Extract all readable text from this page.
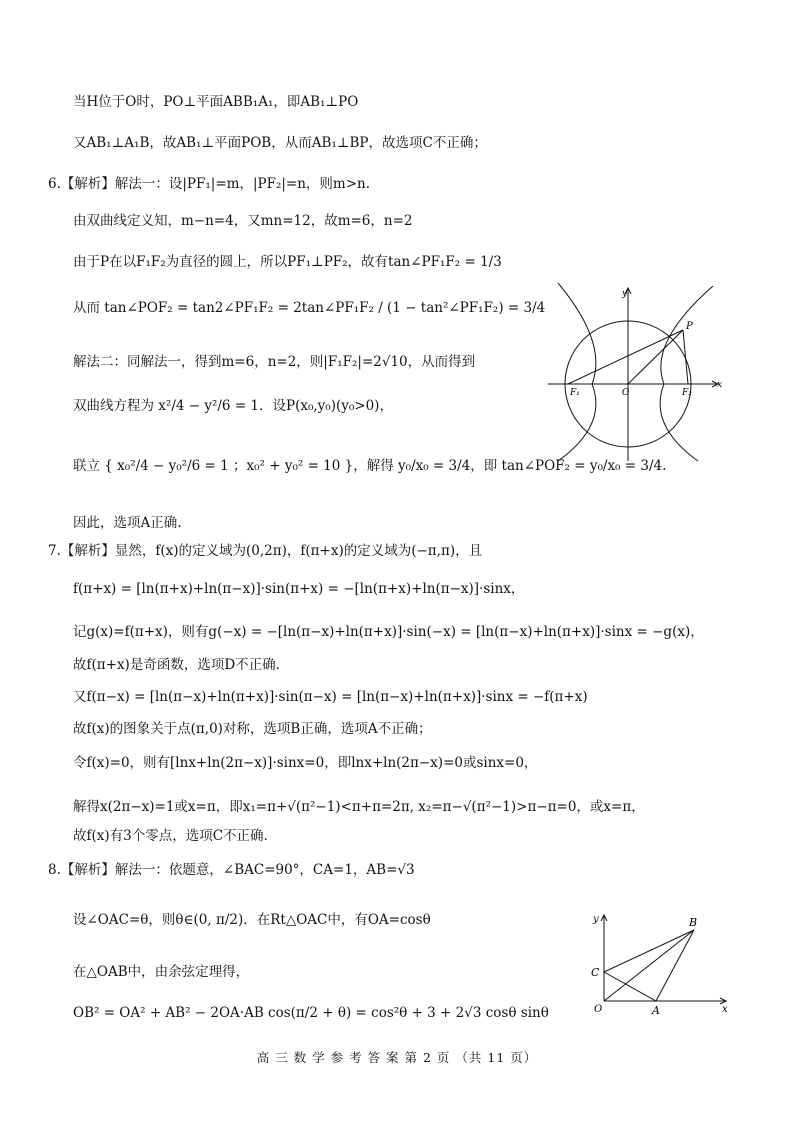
当H位于O时，PO⊥平面ABB₁A₁，即AB₁⊥PO
又AB₁⊥A₁B，故AB₁⊥平面POB，从而AB₁⊥BP，故选项C不正确；
6.【解析】解法一：设|PF₁|=m，|PF₂|=n，则m>n.
由双曲线定义知，m−n=4，又mn=12，故m=6，n=2
由于P在以F₁F₂为直径的圆上，所以PF₁⊥PF₂，故有tan∠PF₁F₂ = 1/3
从而 tan∠POF₂ = tan2∠PF₁F₂ = 2tan∠PF₁F₂ / (1 − tan²∠PF₁F₂) = 3/4
解法二：同解法一，得到m=6，n=2，则|F₁F₂|=2√10，从而得到
双曲线方程为 x²/4 − y²/6 = 1．设P(x₀,y₀)(y₀>0)，
联立 { x₀²/4 − y₀²/6 = 1 ；x₀² + y₀² = 10 }，解得 y₀/x₀ = 3/4，即 tan∠POF₂ = y₀/x₀ = 3/4.
因此，选项A正确.
7.【解析】显然，f(x)的定义域为(0,2π)，f(π+x)的定义域为(−π,π)，且
f(π+x) = [ln(π+x)+ln(π−x)]·sin(π+x) = −[ln(π+x)+ln(π−x)]·sinx，
记g(x)=f(π+x)，则有g(−x) = −[ln(π−x)+ln(π+x)]·sin(−x) = [ln(π−x)+ln(π+x)]·sinx = −g(x)，
故f(π+x)是奇函数，选项D不正确.
又f(π−x) = [ln(π−x)+ln(π+x)]·sin(π−x) = [ln(π−x)+ln(π+x)]·sinx = −f(π+x)
故f(x)的图象关于点(π,0)对称，选项B正确，选项A不正确；
令f(x)=0，则有[lnx+ln(2π−x)]·sinx=0，即lnx+ln(2π−x)=0或sinx=0，
解得x(2π−x)=1或x=π，即x₁=π+√(π²−1)<π+π=2π, x₂=π−√(π²−1)>π−π=0，或x=π，
故f(x)有3个零点，选项C不正确.
8.【解析】解法一：依题意，∠BAC=90°，CA=1，AB=√3
设∠OAC=θ，则θ∈(0, π/2)．在Rt△OAC中，有OA=cosθ
在△OAB中，由余弦定理得，
OB² = OA² + AB² − 2OA·AB cos(π/2 + θ) = cos²θ + 3 + 2√3 cosθ sinθ
y
x
P
O
F₁	F₂
y
x
B
C
O	A
高 三 数 学 参 考 答 案 第 2 页 （共 11 页）
